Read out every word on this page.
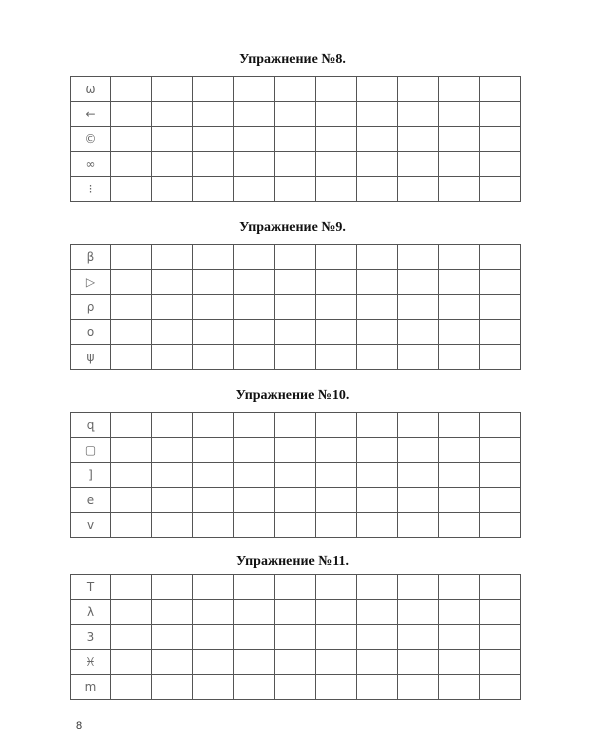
Упражнение №8.
ω										
←										
©										
∞										
⁝										
Упражнение №9.
β										
▷										
ρ										
o										
ψ										
Упражнение №10.
զ										
▢										
]										
e										
v										
Упражнение №11.
T										
λ										
3										
♓										
m										
8
